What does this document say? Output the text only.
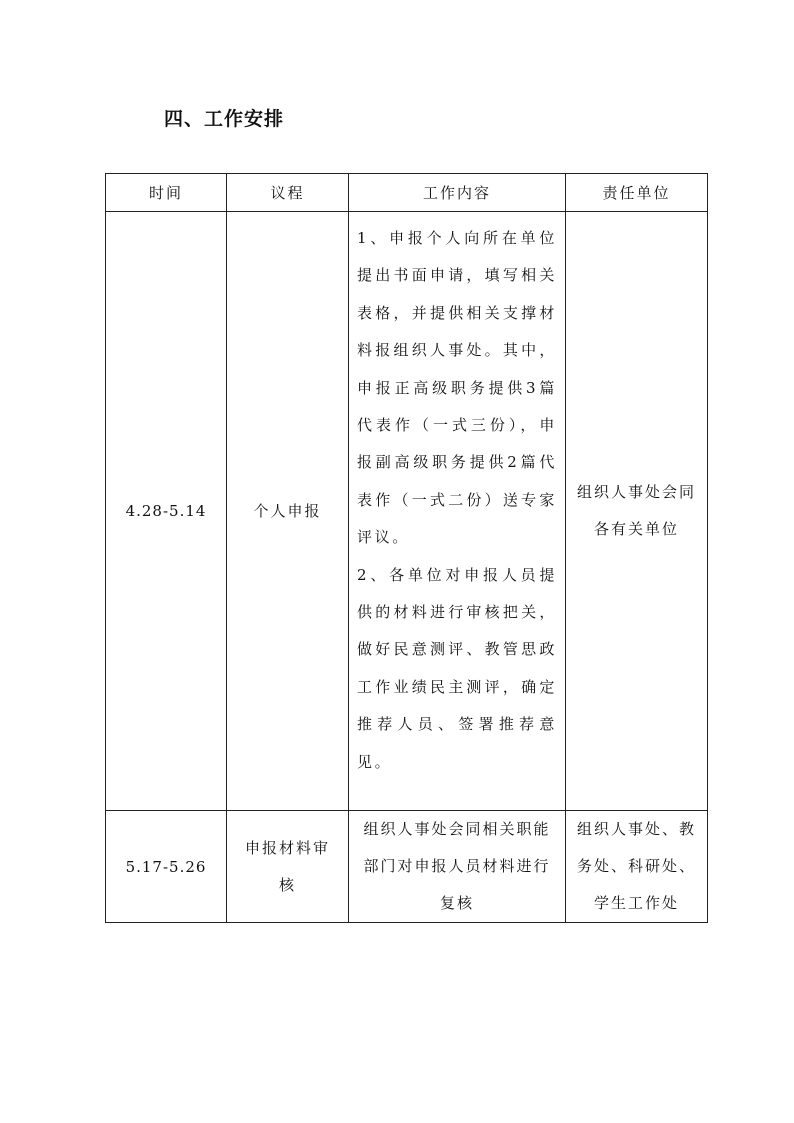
四、工作安排
时间	议程	工作内容	责任单位
4.28-5.14	个人申报	1、申报个人向所在单位提出书面申请，填写相关表格，并提供相关支撑材料报组织人事处。其中，申报正高级职务提供3篇代表作（一式三份），申报副高级职务提供2篇代表作（一式二份）送专家评议。

2、各单位对申报人员提供的材料进行审核把关，做好民意测评、教管思政工作业绩民主测评，确定推荐人员、签署推荐意见。	组织人事处会同各有关单位

5.17-5.26	申报材料审核	组织人事处会同相关职能部门对申报人员材料进行复核	组织人事处、教务处、科研处、学生工作处
